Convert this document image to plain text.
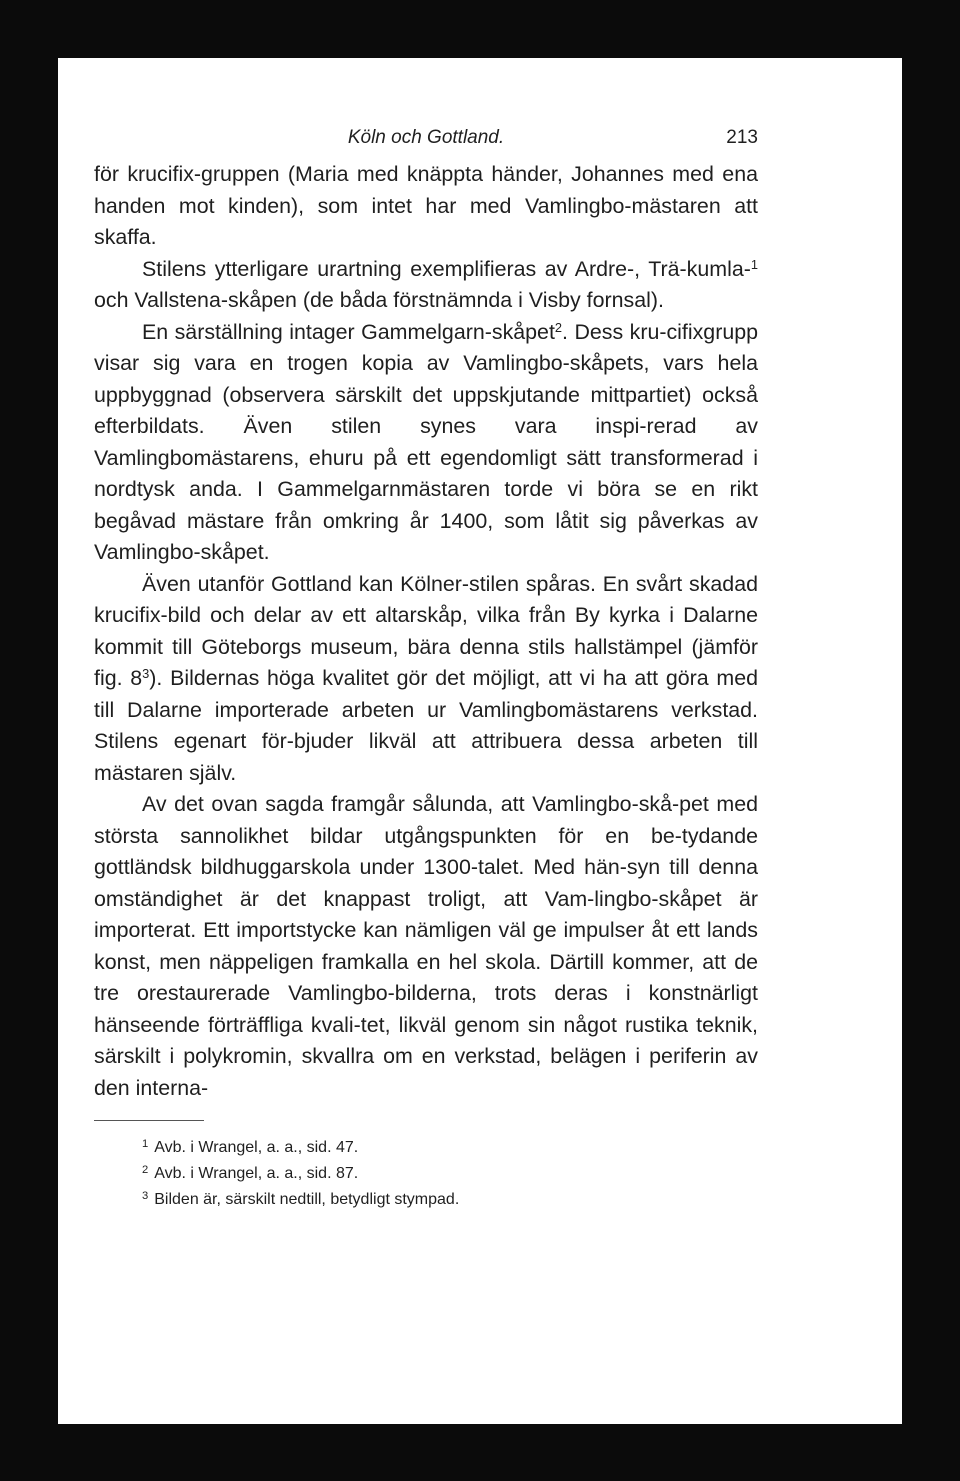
Köln och Gottland.	213

för krucifix-gruppen (Maria med knäppta händer, Johannes med ena handen mot kinden), som intet har med Vamlingbo-mästaren att skaffa.

Stilens ytterligare urartning exemplifieras av Ardre-, Trä-kumla-$^1$ och Vallstena-skåpen (de båda förstnämnda i Visby fornsal).

En särställning intager Gammelgarn-skåpet$^2$. Dess kru-cifixgrupp visar sig vara en trogen kopia av Vamlingbo-skåpets, vars hela uppbyggnad (observera särskilt det uppskjutande mittpartiet) också efterbildats. Även stilen synes vara inspi-rerad av Vamlingbomästarens, ehuru på ett egendomligt sätt transformerad i nordtysk anda. I Gammelgarnmästaren torde vi böra se en rikt begåvad mästare från omkring år 1400, som låtit sig påverkas av Vamlingbo-skåpet.

Även utanför Gottland kan Kölner-stilen spåras. En svårt skadad krucifix-bild och delar av ett altarskåp, vilka från By kyrka i Dalarne kommit till Göteborgs museum, bära denna stils hallstämpel (jämför fig. $8^3$). Bildernas höga kvalitet gör det möjligt, att vi ha att göra med till Dalarne importerade arbeten ur Vamlingbomästarens verkstad. Stilens egenart för-bjuder likväl att attribuera dessa arbeten till mästaren själv.

Av det ovan sagda framgår sålunda, att Vamlingbo-skå-pet med största sannolikhet bildar utgångspunkten för en be-tydande gottländsk bildhuggarskola under 1300-talet. Med hän-syn till denna omständighet är det knappast troligt, att Vam-lingbo-skåpet är importerat. Ett importstycke kan nämligen väl ge impulser åt ett lands konst, men näppeligen framkalla en hel skola. Därtill kommer, att de tre orestaurerade Vamlingbo-bilderna, trots deras i konstnärligt hänseende förträffliga kvali-tet, likväl genom sin något rustika teknik, särskilt i polykromin, skvallra om en verkstad, belägen i periferin av den interna-

$^1$ Avb. i Wrangel, a. a., sid. 47.
$^2$ Avb. i Wrangel, a. a., sid. 87.
$^3$ Bilden är, särskilt nedtill, betydligt stympad.
